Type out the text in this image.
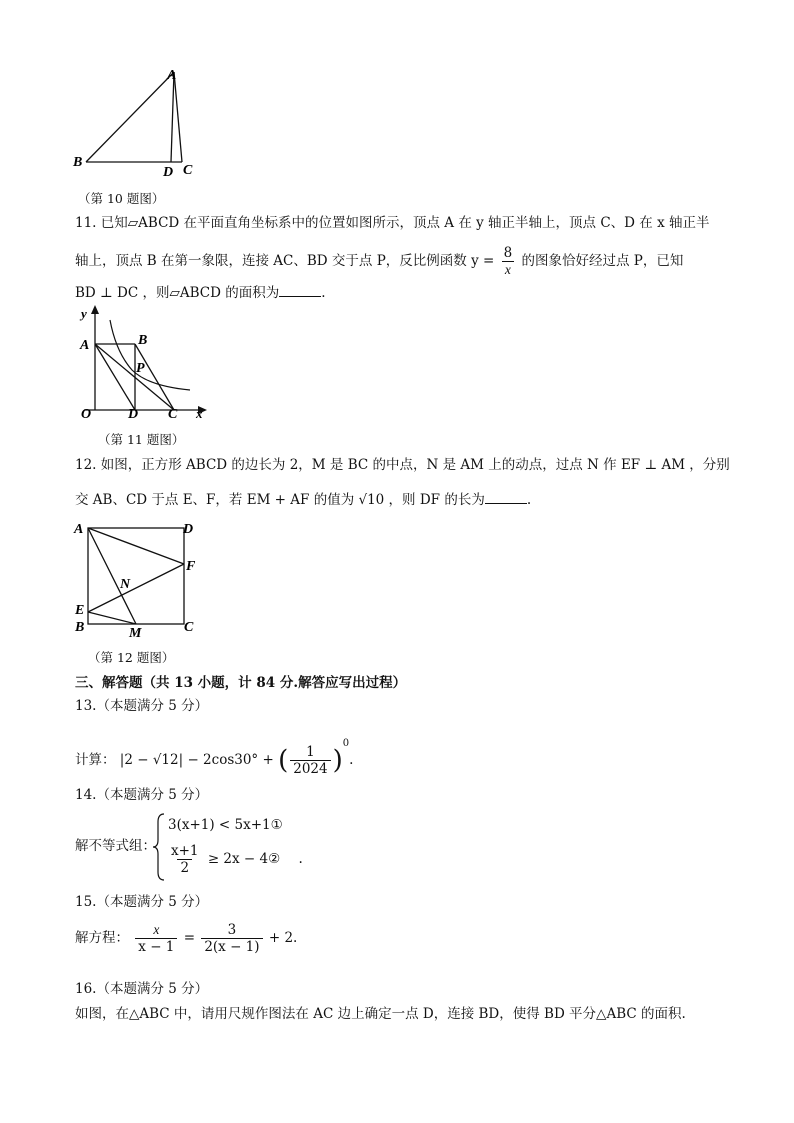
A
B
D C
（第 10 题图）
11. 已知▱ABCD 在平面直角坐标系中的位置如图所示，顶点 A 在 y 轴正半轴上，顶点 C、D 在 x 轴正半
轴上，顶点 B 在第一象限，连接 AC、BD 交于点 P，反比例函数 $y = \frac{8}{x}$ 的图象恰好经过点 P，已知
BD ⊥ DC ，则▱ABCD 的面积为	.
y
A	B
P
O	D C x
（第 11 题图）
12. 如图，正方形 ABCD 的边长为 2，M 是 BC 的中点，N 是 AM 上的动点，过点 N 作 EF ⊥ AM ，分别
交 AB、CD 于点 E、F，若 EM + AF 的值为 √10 ，则 DF 的长为	.
A	D
F
N
E
B	M	C
（第 12 题图）
三、解答题（共 13 小题，计 84 分.解答应写出过程）
13.（本题满分 5 分）
计算： |2 − √12| − 2cos30° + ( $\frac{1}{2024} )^0$.
14.（本题满分 5 分）
解不等式组：
3(x+1) < 5x+1①
$\frac{x+1}{2} \ge 2x$ − 4② .
15.（本题满分 5 分）
解方程： $\frac{x}{x - 1} = \frac{3}{2(x - 1)} + 2$.
16.（本题满分 5 分）
如图，在△ABC 中，请用尺规作图法在 AC 边上确定一点 D，连接 BD，使得 BD 平分△ABC 的面积.
